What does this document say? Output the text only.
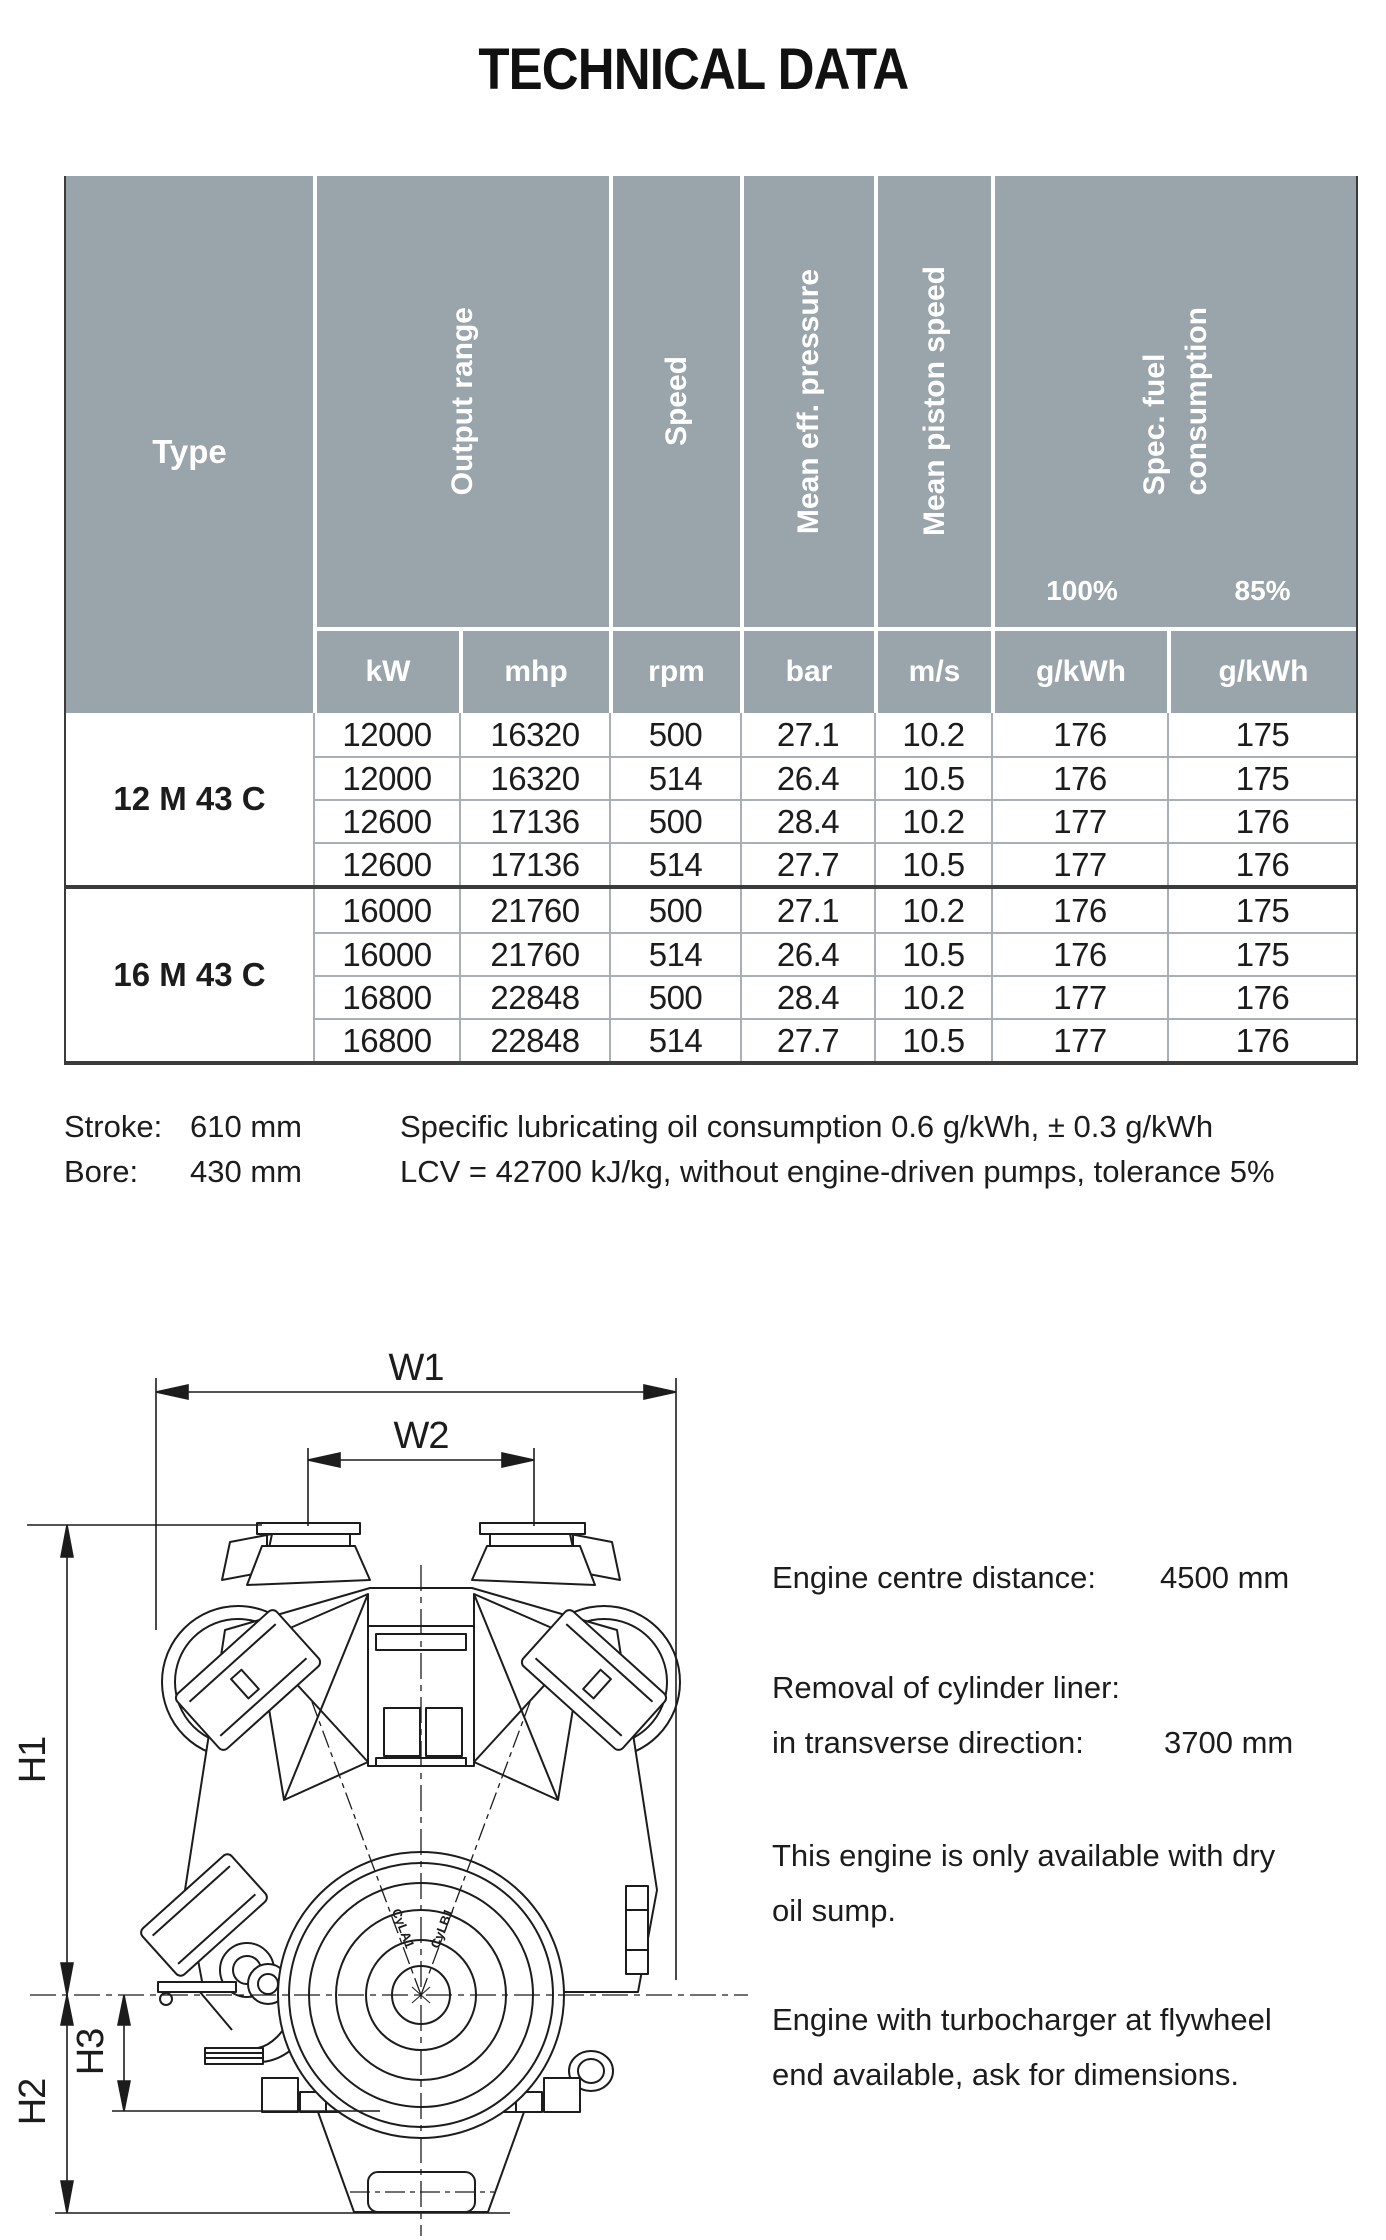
TECHNICAL DATA
Type	Output range	Speed	Mean eff. pressure	Mean piston speed	Spec. fuel consumption
100%	85%
kW	mhp	rpm	bar	m/s	g/kWh	g/kWh
12 M 43 C
12000	16320	500	27.1	10.2	176	175
12000	16320	514	26.4	10.5	176	175
12600	17136	500	28.4	10.2	177	176
12600	17136	514	27.7	10.5	177	176
16 M 43 C
16000	21760	500	27.1	10.2	176	175
16000	21760	514	26.4	10.5	176	175
16800	22848	500	28.4	10.2	177	176
16800	22848	514	27.7	10.5	177	176
Stroke: 610 mm
Bore: 430 mm
Specific lubricating oil consumption 0.6 g/kWh, ± 0.3 g/kWh
LCV = 42700 kJ/kg, without engine-driven pumps, tolerance 5%
Engine centre distance: 4500 mm
Removal of cylinder liner:
in transverse direction:	3700 mm
This engine is only available with dry
oil sump.
Engine with turbocharger at flywheel
end available, ask for dimensions.
CyLA1 CyLB1
W1
W2
H1
H3
H2
